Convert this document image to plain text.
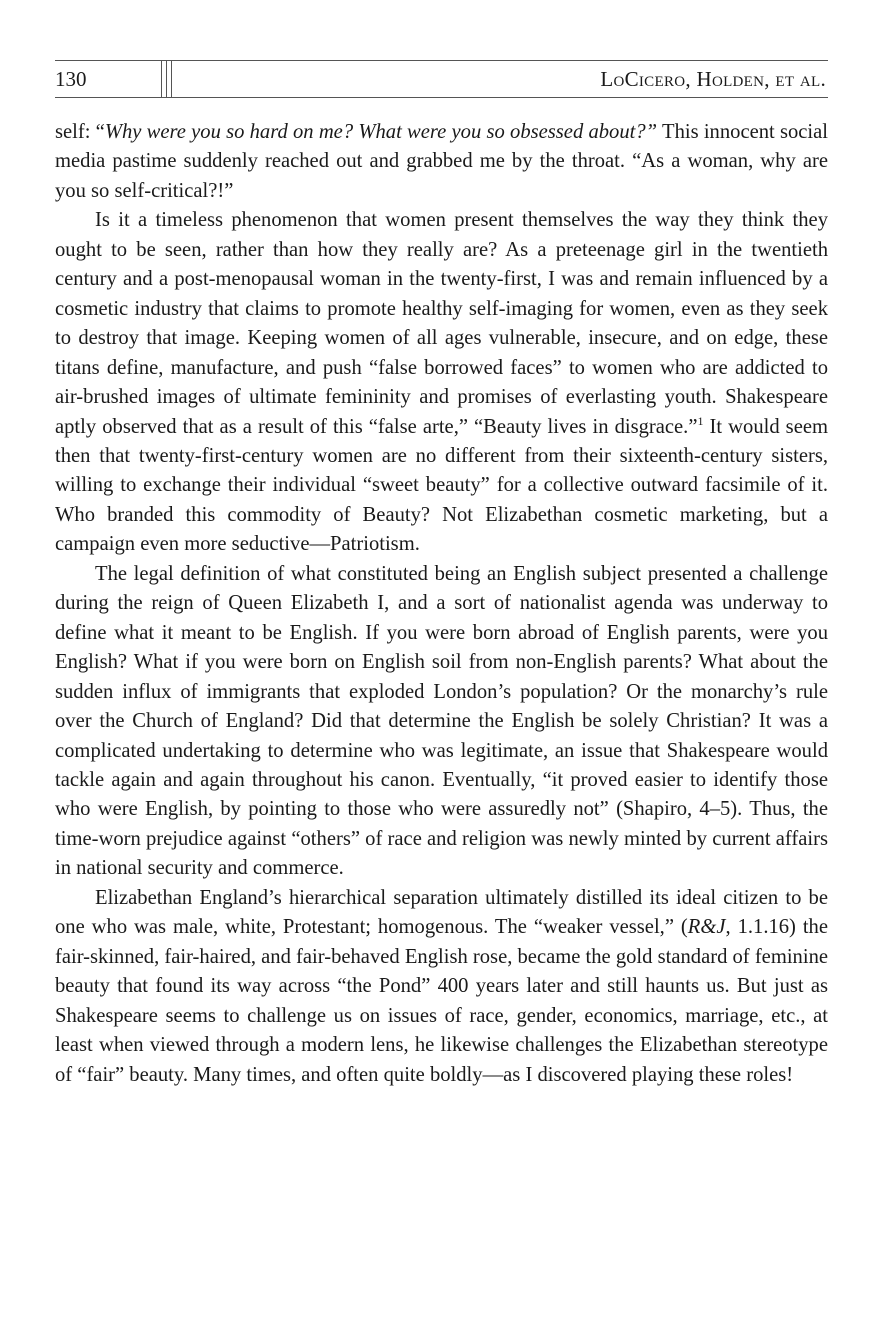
130	LoCicero, Holden, et al.

self: “Why were you so hard on me? What were you so obsessed about?” This innocent social media pastime suddenly reached out and grabbed me by the throat. “As a woman, why are you so self-critical?!”

Is it a timeless phenomenon that women present themselves the way they think they ought to be seen, rather than how they really are? As a preteenage girl in the twentieth century and a post-menopausal woman in the twenty-first, I was and remain influenced by a cosmetic industry that claims to promote healthy self-imaging for women, even as they seek to destroy that image. Keeping women of all ages vulnerable, insecure, and on edge, these titans define, manufacture, and push “false borrowed faces” to women who are addicted to air-brushed images of ultimate femininity and promises of everlasting youth. Shakespeare aptly observed that as a result of this “false arte,” “Beauty lives in disgrace.”$^1$ It would seem then that twenty-first-century women are no different from their sixteenth-century sisters, willing to exchange their individual “sweet beauty” for a collective outward facsimile of it. Who branded this commodity of Beauty? Not Elizabethan cosmetic marketing, but a campaign even more seductive—Patriotism.

The legal definition of what constituted being an English subject presented a challenge during the reign of Queen Elizabeth I, and a sort of nationalist agenda was underway to define what it meant to be English. If you were born abroad of English parents, were you English? What if you were born on English soil from non-English parents? What about the sudden influx of immigrants that exploded London’s population? Or the monarchy’s rule over the Church of England? Did that determine the English be solely Christian? It was a complicated undertaking to determine who was legitimate, an issue that Shakespeare would tackle again and again throughout his canon. Eventually, “it proved easier to identify those who were English, by pointing to those who were assuredly not” (Shapiro, 4–5). Thus, the time-worn prejudice against “others” of race and religion was newly minted by current affairs in national security and commerce.

Elizabethan England’s hierarchical separation ultimately distilled its ideal citizen to be one who was male, white, Protestant; homogenous. The “weaker vessel,” (R&J, 1.1.16) the fair-skinned, fair-haired, and fair-behaved English rose, became the gold standard of feminine beauty that found its way across “the Pond” 400 years later and still haunts us. But just as Shakespeare seems to challenge us on issues of race, gender, economics, marriage, etc., at least when viewed through a modern lens, he likewise challenges the Elizabethan stereotype of “fair” beauty. Many times, and often quite boldly—as I discovered playing these roles!
